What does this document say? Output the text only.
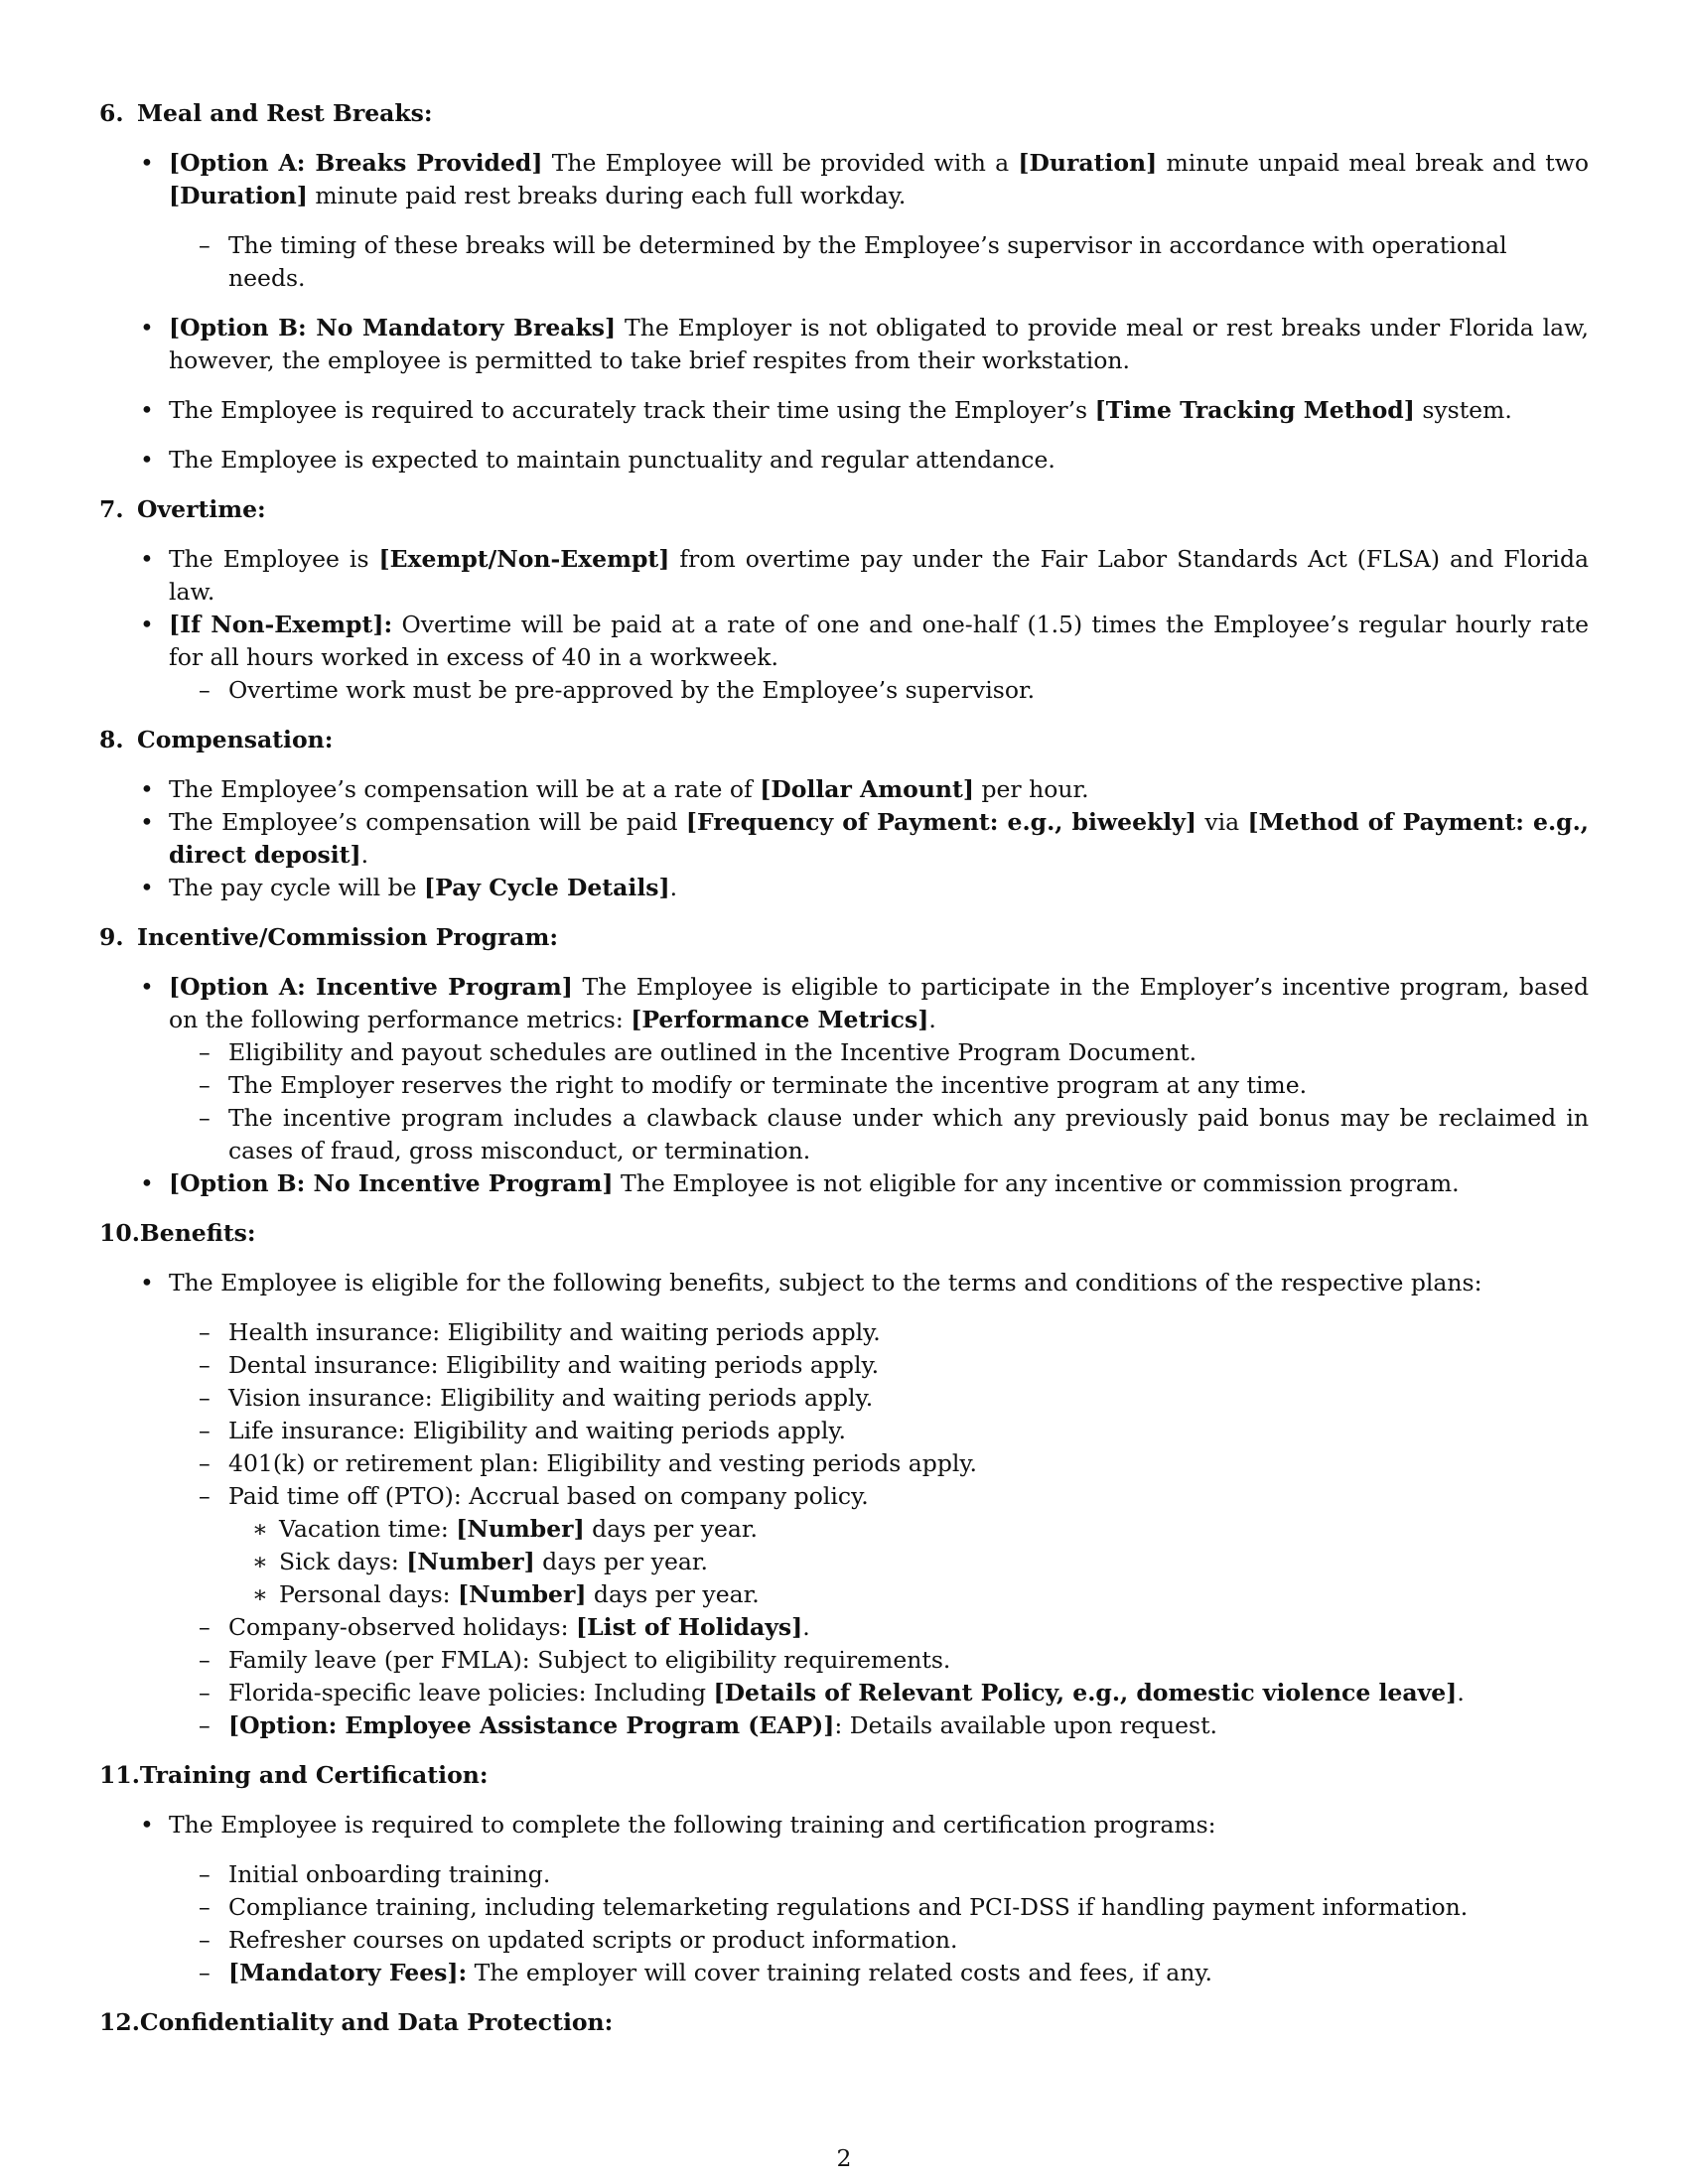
6. Meal and Rest Breaks:
• [Option A: Breaks Provided] The Employee will be provided with a [Duration] minute unpaid meal break and two [Duration] minute paid rest breaks during each full workday.
– The timing of these breaks will be determined by the Employee’s supervisor in accordance with operational needs.
• [Option B: No Mandatory Breaks] The Employer is not obligated to provide meal or rest breaks under Florida law, however, the employee is permitted to take brief respites from their workstation.
• The Employee is required to accurately track their time using the Employer’s [Time Tracking Method] system.
• The Employee is expected to maintain punctuality and regular attendance.
7. Overtime:
• The Employee is [Exempt/Non-Exempt] from overtime pay under the Fair Labor Standards Act (FLSA) and Florida law.
• [If Non-Exempt]: Overtime will be paid at a rate of one and one-half (1.5) times the Employee’s regular hourly rate for all hours worked in excess of 40 in a workweek.
– Overtime work must be pre-approved by the Employee’s supervisor.
8. Compensation:
• The Employee’s compensation will be at a rate of [Dollar Amount] per hour.
• The Employee’s compensation will be paid [Frequency of Payment: e.g., biweekly] via [Method of Payment: e.g., direct deposit].
• The pay cycle will be [Pay Cycle Details].
9. Incentive/Commission Program:
• [Option A: Incentive Program] The Employee is eligible to participate in the Employer’s incentive program, based on the following performance metrics: [Performance Metrics].
– Eligibility and payout schedules are outlined in the Incentive Program Document.
– The Employer reserves the right to modify or terminate the incentive program at any time.
– The incentive program includes a clawback clause under which any previously paid bonus may be reclaimed in cases of fraud, gross misconduct, or termination.
• [Option B: No Incentive Program] The Employee is not eligible for any incentive or commission program.
10.Benefits:
• The Employee is eligible for the following benefits, subject to the terms and conditions of the respective plans:
– Health insurance: Eligibility and waiting periods apply.
– Dental insurance: Eligibility and waiting periods apply.
– Vision insurance: Eligibility and waiting periods apply.
– Life insurance: Eligibility and waiting periods apply.
– 401(k) or retirement plan: Eligibility and vesting periods apply.
– Paid time off (PTO): Accrual based on company policy.
∗ Vacation time: [Number] days per year.
∗ Sick days: [Number] days per year.
∗ Personal days: [Number] days per year.
– Company-observed holidays: [List of Holidays].
– Family leave (per FMLA): Subject to eligibility requirements.
– Florida-specific leave policies: Including [Details of Relevant Policy, e.g., domestic violence leave].
– [Option: Employee Assistance Program (EAP)]: Details available upon request.
11.Training and Certification:
• The Employee is required to complete the following training and certification programs:
– Initial onboarding training.
– Compliance training, including telemarketing regulations and PCI-DSS if handling payment information.
– Refresher courses on updated scripts or product information.
– [Mandatory Fees]: The employer will cover training related costs and fees, if any.
12.Confidentiality and Data Protection:
2
